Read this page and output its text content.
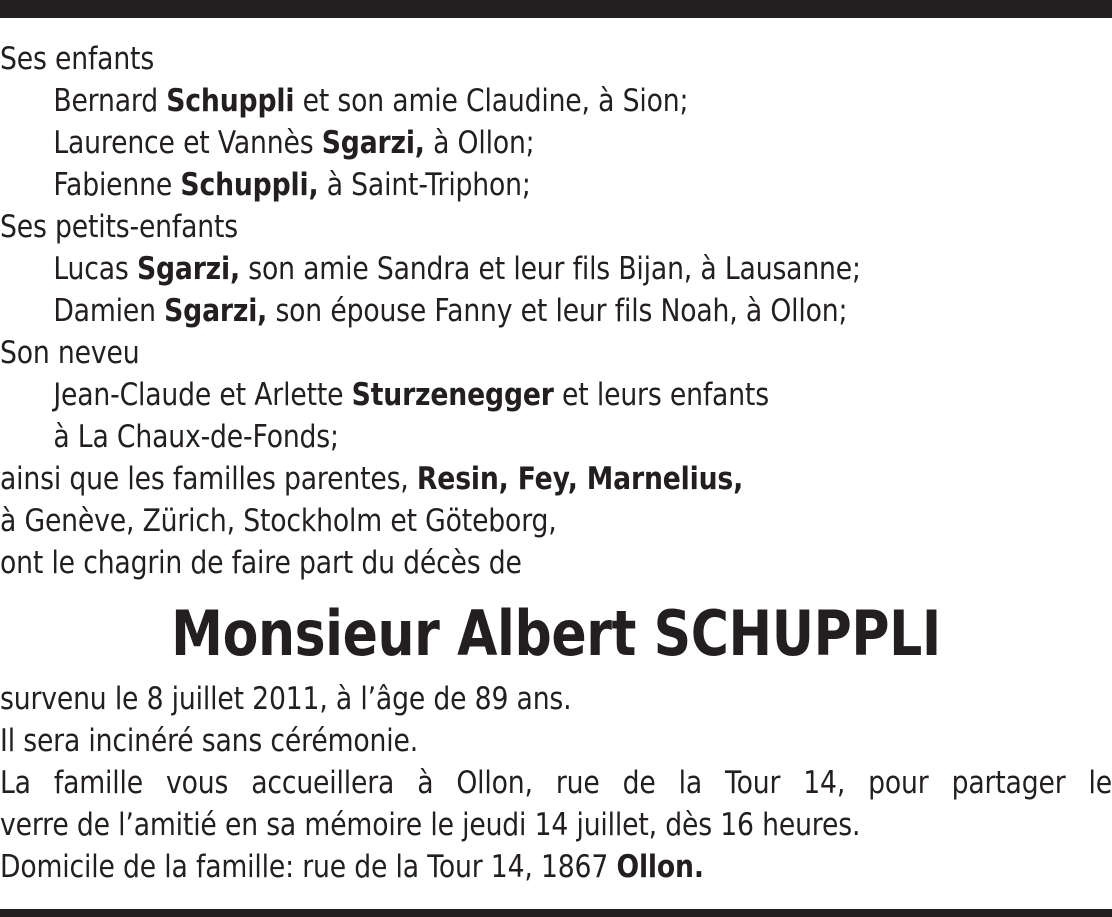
Ses enfants
Bernard Schuppli et son amie Claudine, à Sion;
Laurence et Vannès Sgarzi, à Ollon;
Fabienne Schuppli, à Saint-Triphon;
Ses petits-enfants
Lucas Sgarzi, son amie Sandra et leur fils Bijan, à Lausanne;
Damien Sgarzi, son épouse Fanny et leur fils Noah, à Ollon;
Son neveu
Jean-Claude et Arlette Sturzenegger et leurs enfants
à La Chaux-de-Fonds;
ainsi que les familles parentes, Resin, Fey, Marnelius,
à Genève, Zürich, Stockholm et Göteborg,
ont le chagrin de faire part du décès de
Monsieur Albert SCHUPPLI
survenu le 8 juillet 2011, à l’âge de 89 ans.
Il sera incinéré sans cérémonie.
La famille vous accueillera à Ollon, rue de la Tour 14, pour partager le
verre de l’amitié en sa mémoire le jeudi 14 juillet, dès 16 heures.
Domicile de la famille: rue de la Tour 14, 1867 Ollon.
